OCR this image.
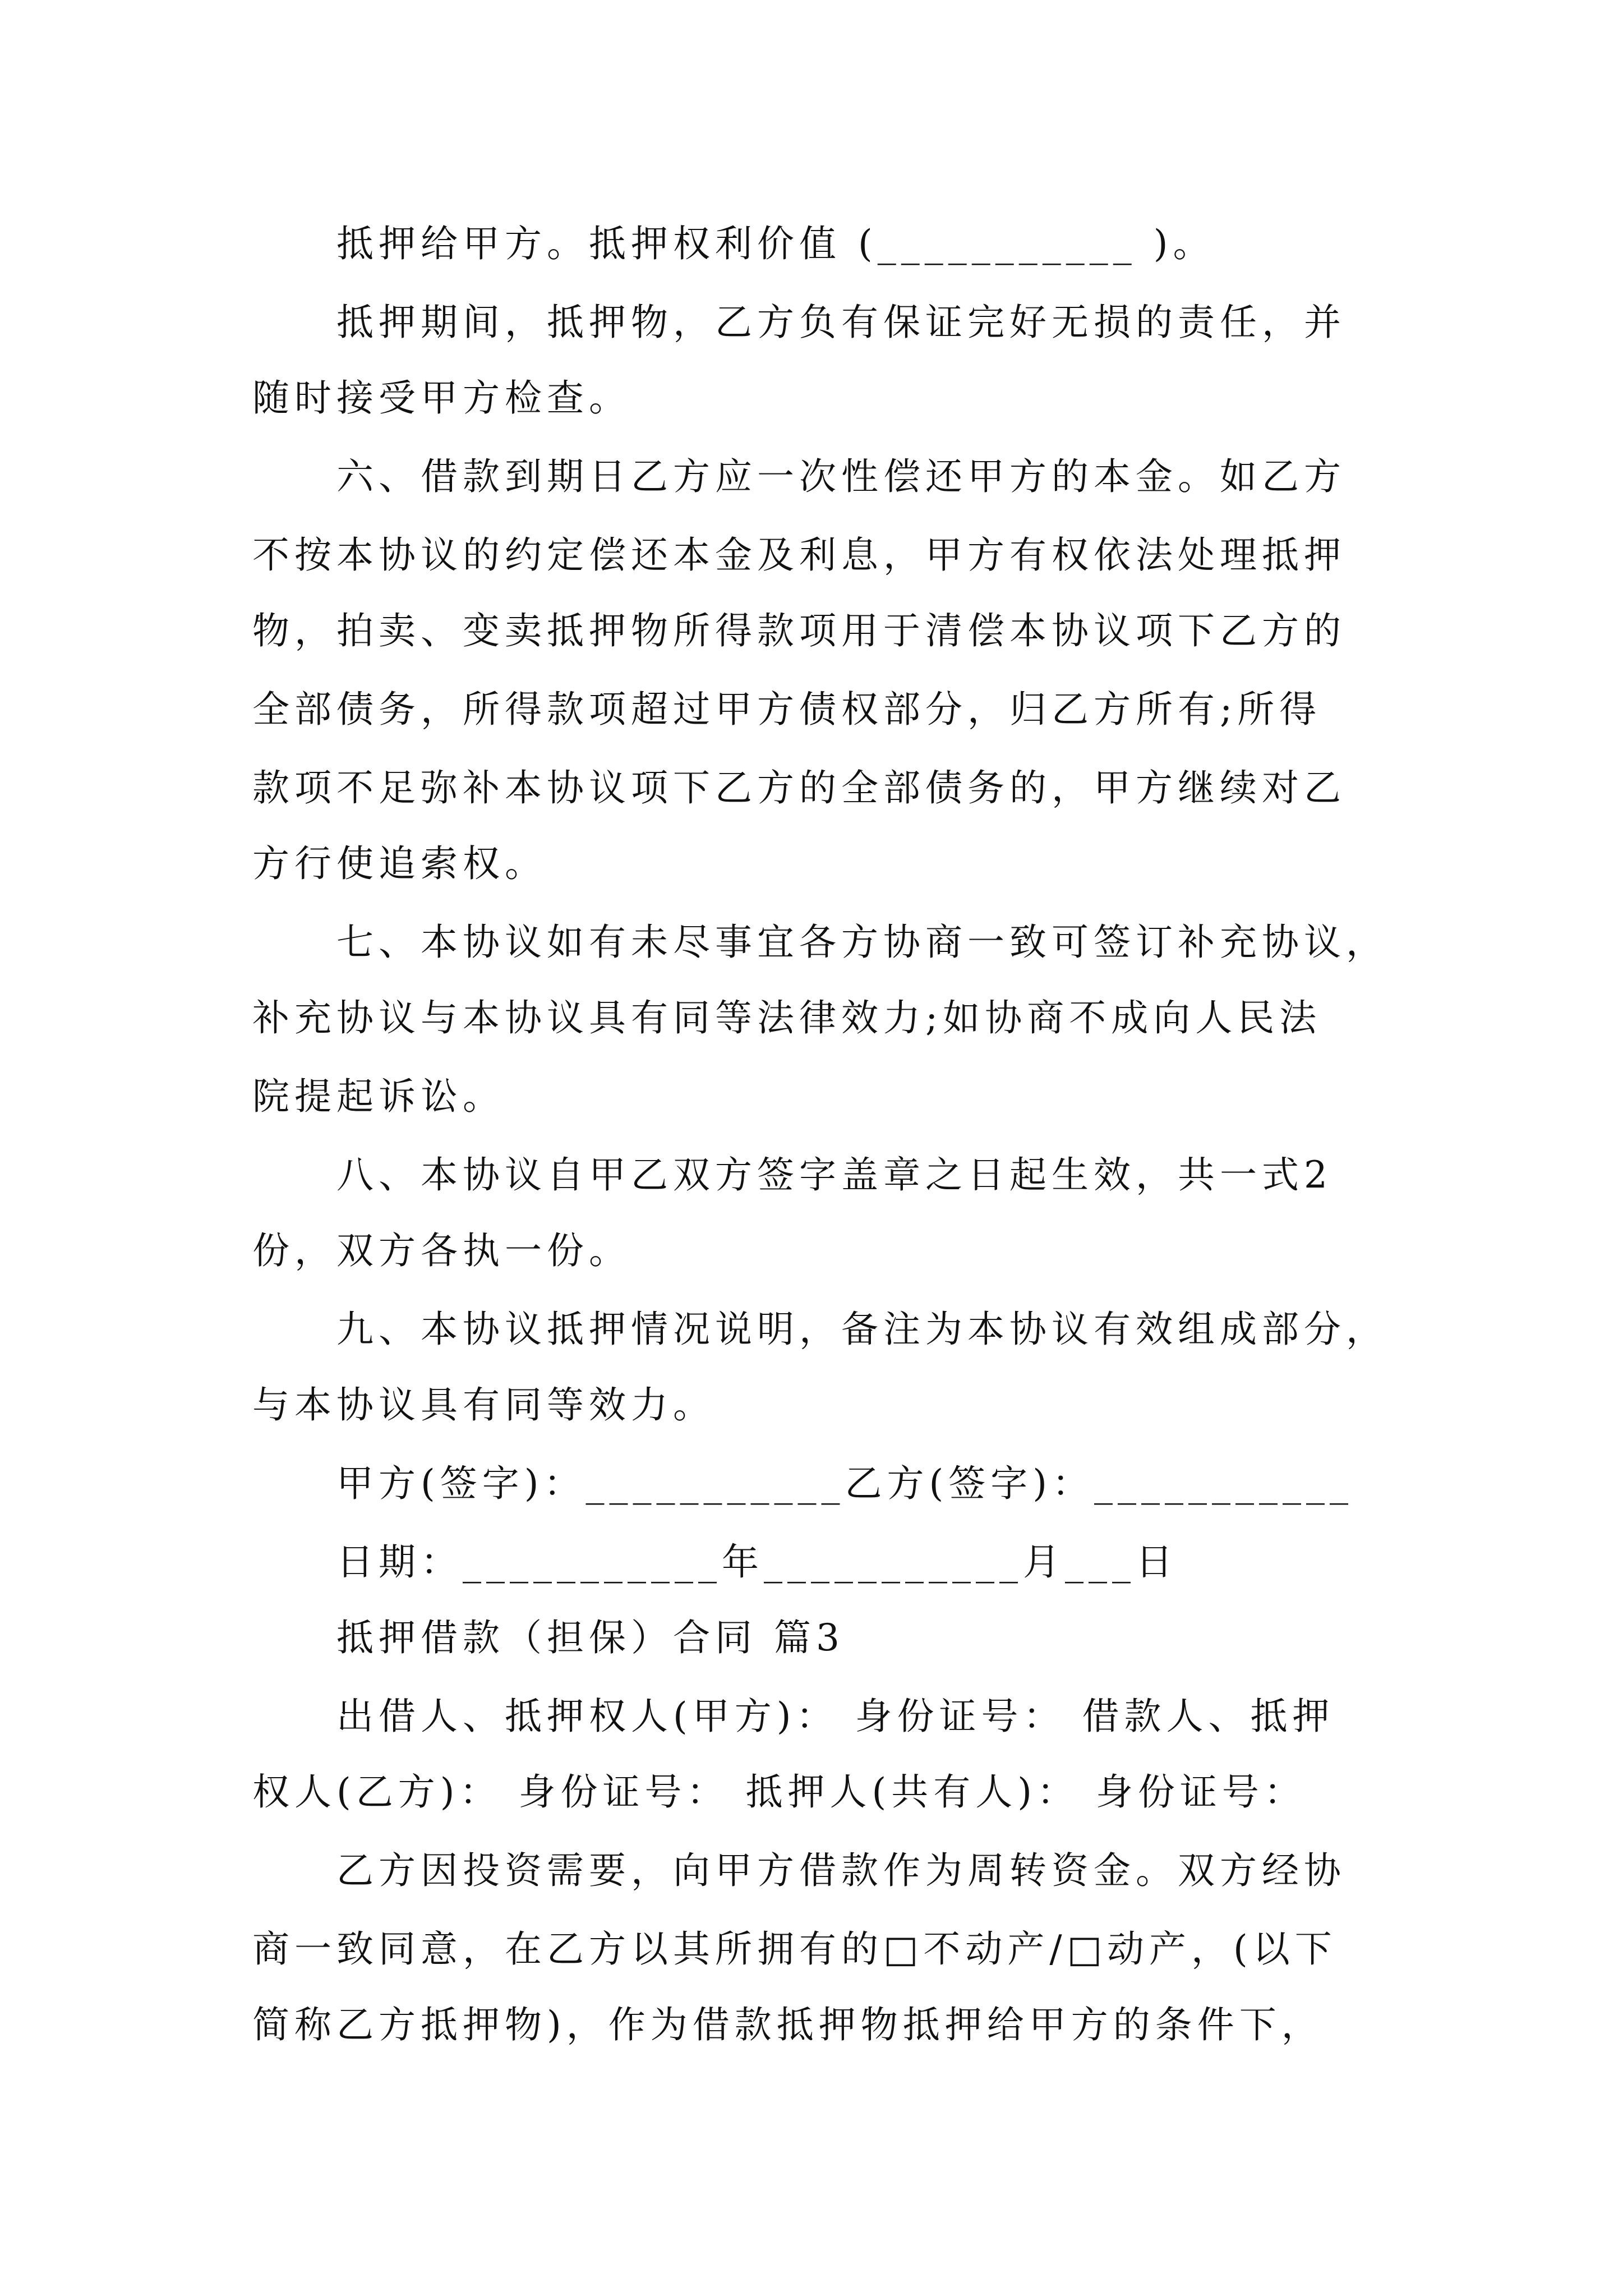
抵押给甲方。抵押权利价值 (___________ )。
抵押期间，抵押物，乙方负有保证完好无损的责任，并
随时接受甲方检查。
六、借款到期日乙方应一次性偿还甲方的本金。如乙方
不按本协议的约定偿还本金及利息，甲方有权依法处理抵押
物，拍卖、变卖抵押物所得款项用于清偿本协议项下乙方的
全部债务，所得款项超过甲方债权部分，归乙方所有;所得
款项不足弥补本协议项下乙方的全部债务的，甲方继续对乙
方行使追索权。
七、本协议如有未尽事宜各方协商一致可签订补充协议，
补充协议与本协议具有同等法律效力;如协商不成向人民法
院提起诉讼。
八、本协议自甲乙双方签字盖章之日起生效，共一式2
份，双方各执一份。
九、本协议抵押情况说明，备注为本协议有效组成部分，
与本协议具有同等效力。
甲方(签字)：___________乙方(签字)：___________
日期：___________年___________月___日
抵押借款（担保）合同 篇3
出借人、抵押权人(甲方)： 身份证号： 借款人、抵押
权人(乙方)： 身份证号： 抵押人(共有人)： 身份证号：
乙方因投资需要，向甲方借款作为周转资金。双方经协
商一致同意，在乙方以其所拥有的□不动产/□动产，(以下
简称乙方抵押物)，作为借款抵押物抵押给甲方的条件下，
